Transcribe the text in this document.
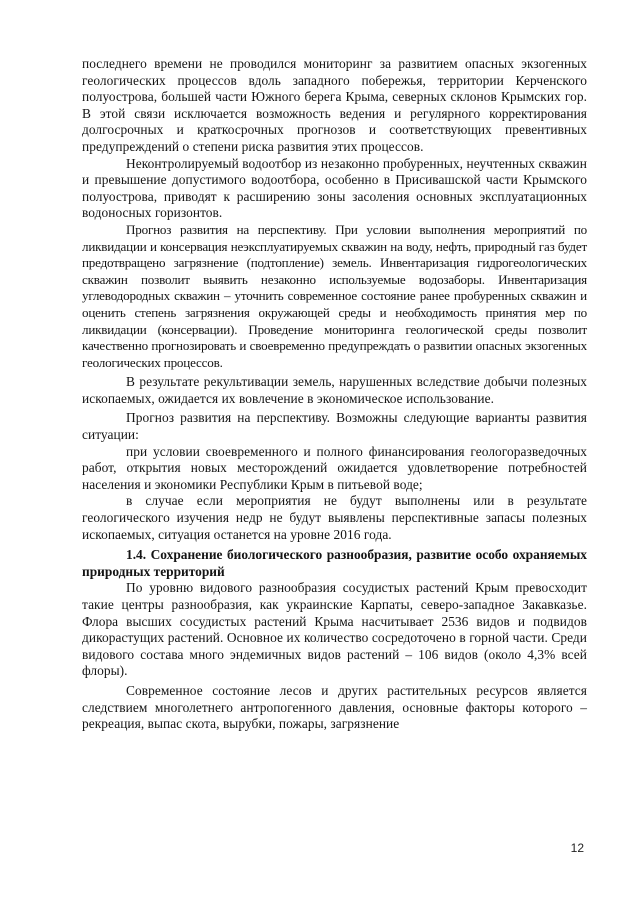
последнего времени не проводился мониторинг за развитием опасных экзогенных геологических процессов вдоль западного побережья, территории Керченского полуострова, большей части Южного берега Крыма, северных склонов Крымских гор. В этой связи исключается возможность ведения и регулярного корректирования долгосрочных и краткосрочных прогнозов и соответствующих превентивных предупреждений о степени риска развития этих процессов.

Неконтролируемый водоотбор из незаконно пробуренных, неучтенных скважин и превышение допустимого водоотбора, особенно в Присивашской части Крымского полуострова, приводят к расширению зоны засоления основных эксплуатационных водоносных горизонтов.

Прогноз развития на перспективу. При условии выполнения мероприятий по ликвидации и консервация неэксплуатируемых скважин на воду, нефть, природный газ будет предотвращено загрязнение (подтопление) земель. Инвентаризация гидрогеологических скважин позволит выявить незаконно используемые водозаборы. Инвентаризация углеводородных скважин – уточнить современное состояние ранее пробуренных скважин и оценить степень загрязнения окружающей среды и необходимость принятия мер по ликвидации (консервации). Проведение мониторинга геологической среды позволит качественно прогнозировать и своевременно предупреждать о развитии опасных экзогенных геологических процессов.

В результате рекультивации земель, нарушенных вследствие добычи полезных ископаемых, ожидается их вовлечение в экономическое использование.

Прогноз развития на перспективу. Возможны следующие варианты развития ситуации:

при условии своевременного и полного финансирования геологоразведочных работ, открытия новых месторождений ожидается удовлетворение потребностей населения и экономики Республики Крым в питьевой воде;

в случае если мероприятия не будут выполнены или в результате геологического изучения недр не будут выявлены перспективные запасы полезных ископаемых, ситуация останется на уровне 2016 года.

1.4. Сохранение биологического разнообразия, развитие особо охраняемых природных территорий

По уровню видового разнообразия сосудистых растений Крым превосходит такие центры разнообразия, как украинские Карпаты, северо-западное Закавказье. Флора высших сосудистых растений Крыма насчитывает 2536 видов и подвидов дикорастущих растений. Основное их количество сосредоточено в горной части. Среди видового состава много эндемичных видов растений – 106 видов (около 4,3% всей флоры).

Современное состояние лесов и других растительных ресурсов является следствием многолетнего антропогенного давления, основные факторы которого – рекреация, выпас скота, вырубки, пожары, загрязнение

12
